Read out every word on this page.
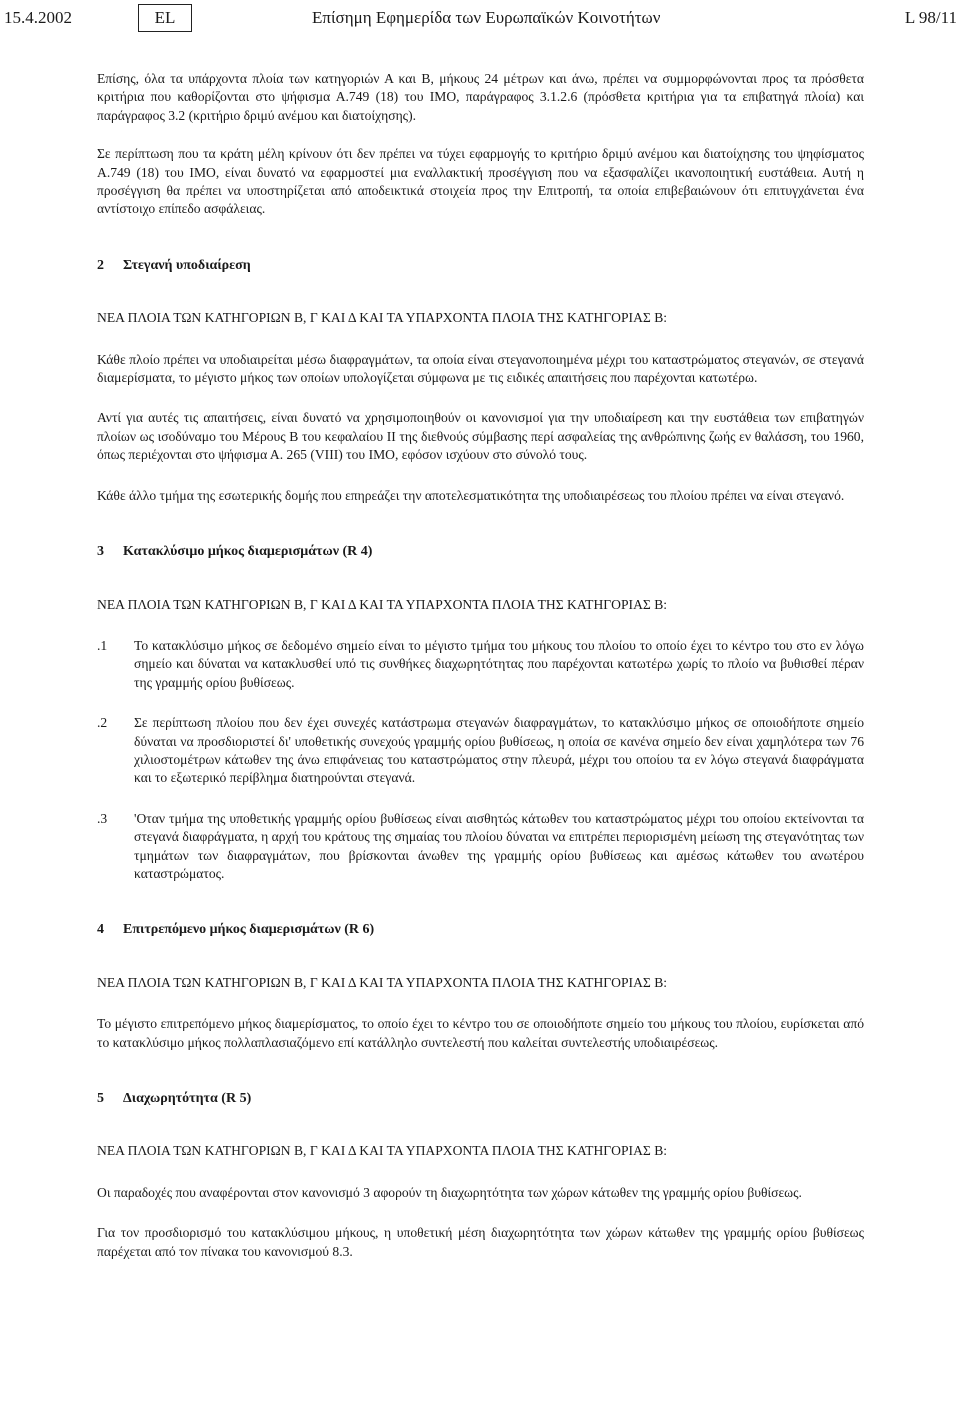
15.4.2002	EL	Επίσημη Εφημερίδα των Ευρωπαϊκών Κοινοτήτων	L 98/11

Επίσης, όλα τα υπάρχοντα πλοία των κατηγοριών Α και Β, μήκους 24 μέτρων και άνω, πρέπει να συμμορφώνονται προς τα πρόσθετα κριτήρια που καθορίζονται στο ψήφισμα Α.749 (18) του ΙΜΟ, παράγραφος 3.1.2.6 (πρόσθετα κριτήρια για τα επιβατηγά πλοία) και παράγραφος 3.2 (κριτήριο δριμύ ανέμου και διατοίχησης).

Σε περίπτωση που τα κράτη μέλη κρίνουν ότι δεν πρέπει να τύχει εφαρμογής το κριτήριο δριμύ ανέμου και διατοίχησης του ψηφίσματος Α.749 (18) του ΙΜΟ, είναι δυνατό να εφαρμοστεί μια εναλλακτική προσέγγιση που να εξασφαλίζει ικανοποιητική ευστάθεια. Αυτή η προσέγγιση θα πρέπει να υποστηρίζεται από αποδεικτικά στοιχεία προς την Επιτροπή, τα οποία επιβεβαιώνουν ότι επιτυγχάνεται ένα αντίστοιχο επίπεδο ασφάλειας.

2 Στεγανή υποδιαίρεση

ΝΕΑ ΠΛΟΙΑ ΤΩΝ ΚΑΤΗΓΟΡΙΩΝ Β, Γ ΚΑΙ Δ ΚΑΙ ΤΑ ΥΠΑΡΧΟΝΤΑ ΠΛΟΙΑ ΤΗΣ ΚΑΤΗΓΟΡΙΑΣ Β:

Κάθε πλοίο πρέπει να υποδιαιρείται μέσω διαφραγμάτων, τα οποία είναι στεγανοποιημένα μέχρι του καταστρώματος στεγανών, σε στεγανά διαμερίσματα, το μέγιστο μήκος των οποίων υπολογίζεται σύμφωνα με τις ειδικές απαιτήσεις που παρέχονται κατωτέρω.

Αντί για αυτές τις απαιτήσεις, είναι δυνατό να χρησιμοποιηθούν οι κανονισμοί για την υποδιαίρεση και την ευστάθεια των επιβατηγών πλοίων ως ισοδύναμο του Μέρους Β του κεφαλαίου ΙΙ της διεθνούς σύμβασης περί ασφαλείας της ανθρώπινης ζωής εν θαλάσση, του 1960, όπως περιέχονται στο ψήφισμα Α. 265 (VIII) του ΙΜΟ, εφόσον ισχύουν στο σύνολό τους.

Κάθε άλλο τμήμα της εσωτερικής δομής που επηρεάζει την αποτελεσματικότητα της υποδιαιρέσεως του πλοίου πρέπει να είναι στεγανό.

3 Κατακλύσιμο μήκος διαμερισμάτων (R 4)

ΝΕΑ ΠΛΟΙΑ ΤΩΝ ΚΑΤΗΓΟΡΙΩΝ Β, Γ ΚΑΙ Δ ΚΑΙ ΤΑ ΥΠΑΡΧΟΝΤΑ ΠΛΟΙΑ ΤΗΣ ΚΑΤΗΓΟΡΙΑΣ Β:

.1 Το κατακλύσιμο μήκος σε δεδομένο σημείο είναι το μέγιστο τμήμα του μήκους του πλοίου το οποίο έχει το κέντρο του στο εν λόγω σημείο και δύναται να κατακλυσθεί υπό τις συνθήκες διαχωρητότητας που παρέχονται κατωτέρω χωρίς το πλοίο να βυθισθεί πέραν της γραμμής ορίου βυθίσεως.
.2 Σε περίπτωση πλοίου που δεν έχει συνεχές κατάστρωμα στεγανών διαφραγμάτων, το κατακλύσιμο μήκος σε οποιοδήποτε σημείο δύναται να προσδιοριστεί δι' υποθετικής συνεχούς γραμμής ορίου βυθίσεως, η οποία σε κανένα σημείο δεν είναι χαμηλότερα των 76 χιλιοστομέτρων κάτωθεν της άνω επιφάνειας του καταστρώματος στην πλευρά, μέχρι του οποίου τα εν λόγω στεγανά διαφράγματα και το εξωτερικό περίβλημα διατηρούνται στεγανά.
.3 'Οταν τμήμα της υποθετικής γραμμής ορίου βυθίσεως είναι αισθητώς κάτωθεν του καταστρώματος μέχρι του οποίου εκτείνονται τα στεγανά διαφράγματα, η αρχή του κράτους της σημαίας του πλοίου δύναται να επιτρέπει περιορισμένη μείωση της στεγανότητας των τμημάτων των διαφραγμάτων, που βρίσκονται άνωθεν της γραμμής ορίου βυθίσεως και αμέσως κάτωθεν του ανωτέρου καταστρώματος.
4 Επιτρεπόμενο μήκος διαμερισμάτων (R 6)

ΝΕΑ ΠΛΟΙΑ ΤΩΝ ΚΑΤΗΓΟΡΙΩΝ Β, Γ ΚΑΙ Δ ΚΑΙ ΤΑ ΥΠΑΡΧΟΝΤΑ ΠΛΟΙΑ ΤΗΣ ΚΑΤΗΓΟΡΙΑΣ Β:

Το μέγιστο επιτρεπόμενο μήκος διαμερίσματος, το οποίο έχει το κέντρο του σε οποιοδήποτε σημείο του μήκους του πλοίου, ευρίσκεται από το κατακλύσιμο μήκος πολλαπλασιαζόμενο επί κατάλληλο συντελεστή που καλείται συντελεστής υποδιαιρέσεως.

5 Διαχωρητότητα (R 5)

ΝΕΑ ΠΛΟΙΑ ΤΩΝ ΚΑΤΗΓΟΡΙΩΝ Β, Γ ΚΑΙ Δ ΚΑΙ ΤΑ ΥΠΑΡΧΟΝΤΑ ΠΛΟΙΑ ΤΗΣ ΚΑΤΗΓΟΡΙΑΣ Β:

Οι παραδοχές που αναφέρονται στον κανονισμό 3 αφορούν τη διαχωρητότητα των χώρων κάτωθεν της γραμμής ορίου βυθίσεως.

Για τον προσδιορισμό του κατακλύσιμου μήκους, η υποθετική μέση διαχωρητότητα των χώρων κάτωθεν της γραμμής ορίου βυθίσεως παρέχεται από τον πίνακα του κανονισμού 8.3.
